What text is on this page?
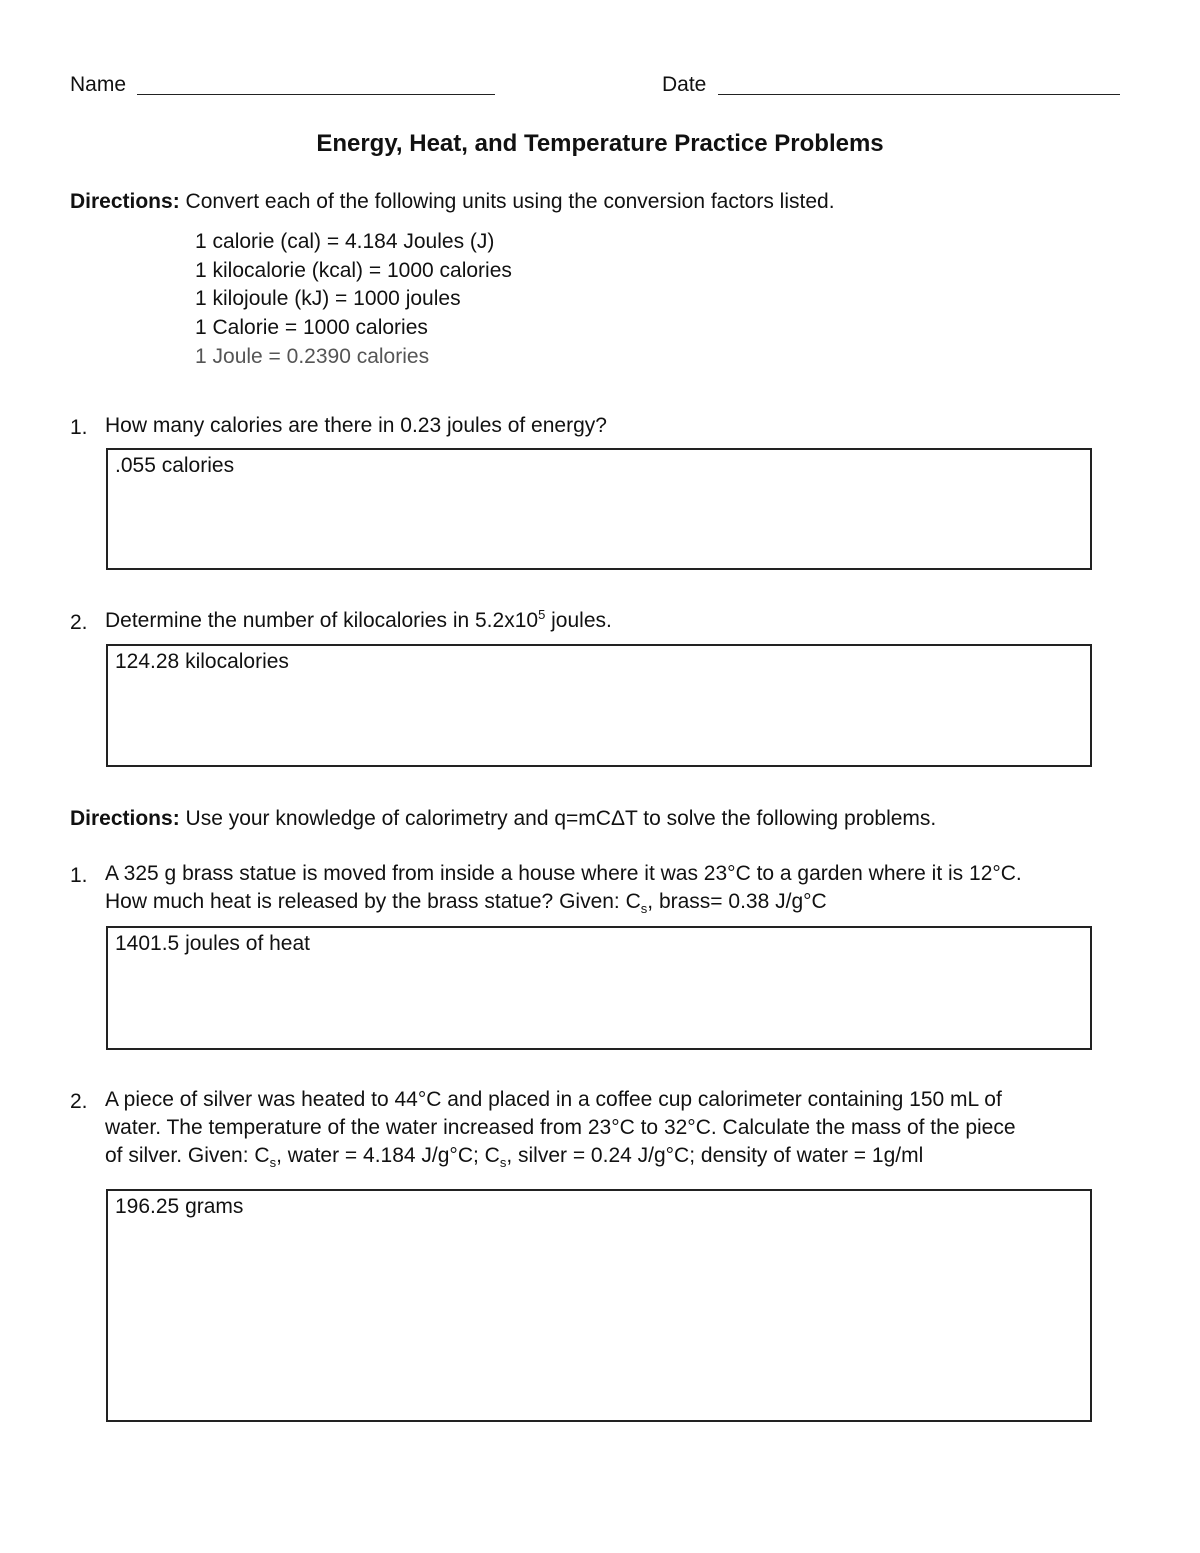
Name	Date
Energy, Heat, and Temperature Practice Problems
Directions: Convert each of the following units using the conversion factors listed.
1 calorie (cal) = 4.184 Joules (J)
1 kilocalorie (kcal) = 1000 calories
1 kilojoule (kJ) = 1000 joules
1 Calorie = 1000 calories
1 Joule = 0.2390 calories
1. How many calories are there in 0.23 joules of energy?
.055 calories
2. Determine the number of kilocalories in $5.2x10^5$ joules.
124.28 kilocalories
Directions: Use your knowledge of calorimetry and q=mCΔT to solve the following problems.
1. A 325 g brass statue is moved from inside a house where it was 23°C to a garden where it is 12°C.
How much heat is released by the brass statue? Given: $C_s$, brass= 0.38 J/g°C
1401.5 joules of heat
2. A piece of silver was heated to 44°C and placed in a coffee cup calorimeter containing 150 mL of
water. The temperature of the water increased from 23°C to 32°C. Calculate the mass of the piece
of silver. Given: $C_s$, water = 4.184 J/g°C; $C_s$, silver = 0.24 J/g°C; density of water = 1g/ml
196.25 grams
